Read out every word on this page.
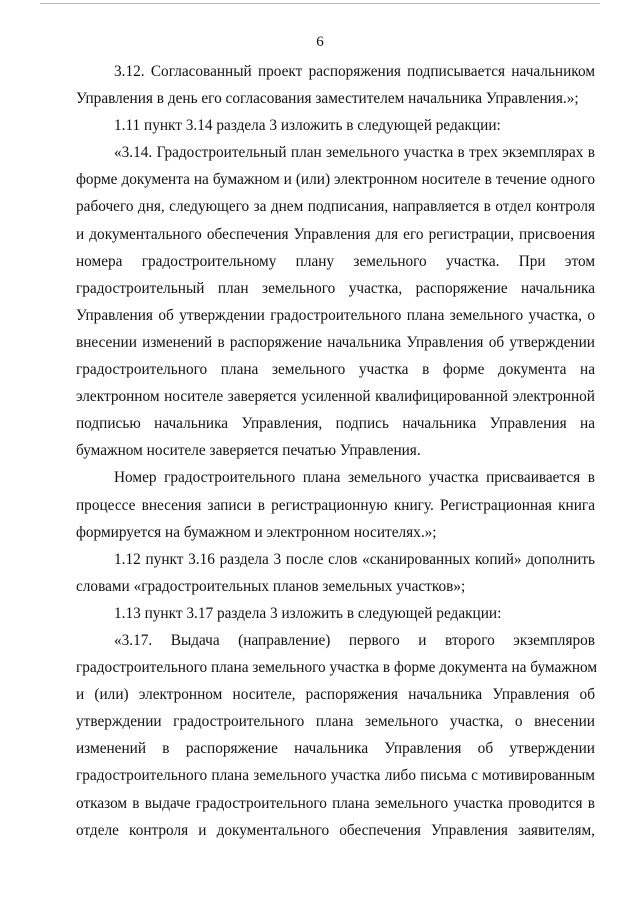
6
3.12. Согласованный проект распоряжения подписывается начальником
Управления в день его согласования заместителем начальника Управления.»;
1.11 пункт 3.14 раздела 3 изложить в следующей редакции:
«3.14. Градостроительный план земельного участка в трех экземплярах в
форме документа на бумажном и (или) электронном носителе в течение одного
рабочего дня, следующего за днем подписания, направляется в отдел контроля
и документального обеспечения Управления для его регистрации, присвоения
номера градостроительному плану земельного участка. При этом
градостроительный план земельного участка, распоряжение начальника
Управления об утверждении градостроительного плана земельного участка, о
внесении изменений в распоряжение начальника Управления об утверждении
градостроительного плана земельного участка в форме документа на
электронном носителе заверяется усиленной квалифицированной электронной
подписью начальника Управления, подпись начальника Управления на
бумажном носителе заверяется печатью Управления.
Номер градостроительного плана земельного участка присваивается в
процессе внесения записи в регистрационную книгу. Регистрационная книга
формируется на бумажном и электронном носителях.»;
1.12 пункт 3.16 раздела 3 после слов «сканированных копий» дополнить
словами «градостроительных планов земельных участков»;
1.13 пункт 3.17 раздела 3 изложить в следующей редакции:
«3.17. Выдача (направление) первого и второго экземпляров
градостроительного плана земельного участка в форме документа на бумажном
и (или) электронном носителе, распоряжения начальника Управления об
утверждении градостроительного плана земельного участка, о внесении
изменений в распоряжение начальника Управления об утверждении
градостроительного плана земельного участка либо письма с мотивированным
отказом в выдаче градостроительного плана земельного участка проводится в
отделе контроля и документального обеспечения Управления заявителям,
